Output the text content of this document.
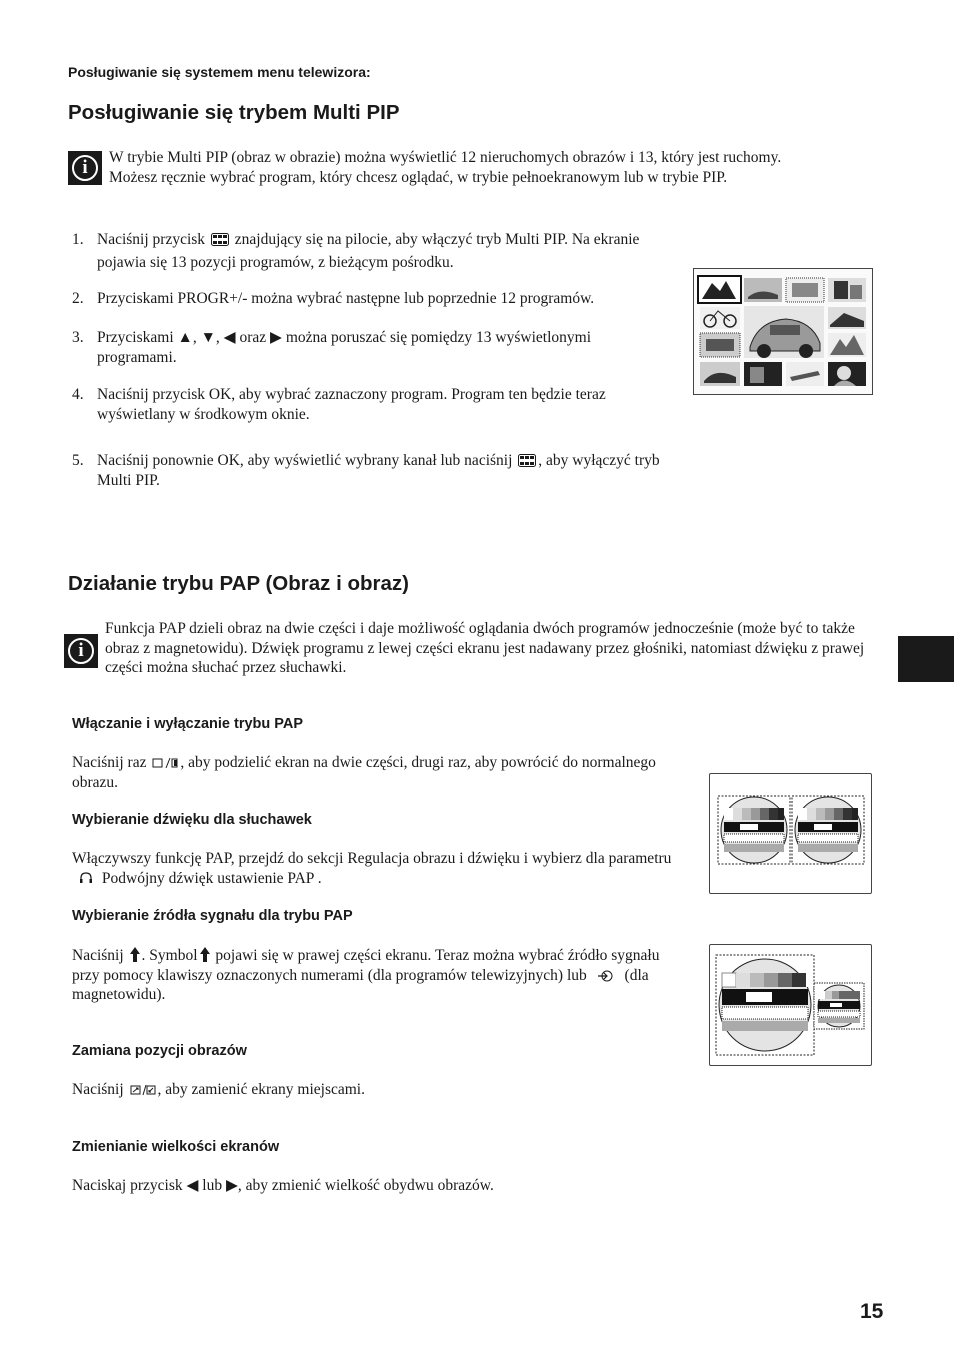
Posługiwanie się systemem menu telewizora:
Posługiwanie się trybem Multi PIP
i	W trybie Multi PIP (obraz w obrazie) można wyświetlić 12 nieruchomych obrazów i 13, który jest ruchomy.
Możesz ręcznie wybrać program, który chcesz oglądać, w trybie pełnoekranowym lub w trybie PIP.
1. Naciśnij przycisk znajdujący się na pilocie, aby włączyć tryb Multi PIP. Na ekranie pojawia się 13 pozycji programów, z bieżącym pośrodku.
2. Przyciskami PROGR+/- można wybrać następne lub poprzednie 12 programów.
3. Przyciskami ▲, ▼, ◀ oraz ▶ można poruszać się pomiędzy 13 wyświetlonymi programami.
4. Naciśnij przycisk OK, aby wybrać zaznaczony program. Program ten będzie teraz wyświetlany w środkowym oknie.
5. Naciśnij ponownie OK, aby wyświetlić wybrany kanał lub naciśnij , aby wyłączyć tryb Multi PIP.
Działanie trybu PAP (Obraz i obraz)
i
Funkcja PAP dzieli obraz na dwie części i daje możliwość oglądania dwóch programów jednocześnie (może być to także obraz z magnetowidu). Dźwięk programu z lewej części ekranu jest nadawany przez głośniki, natomiast dźwięku z prawej części można słuchać przez słuchawki.
Włączanie i wyłączanie trybu PAP
Naciśnij raz , aby podzielić ekran na dwie części, drugi raz, aby powrócić do normalnego obrazu.
Wybieranie dźwięku dla słuchawek
Włączywszy funkcję PAP, przejdź do sekcji Regulacja obrazu i dźwięku i wybierz dla parametru  Podwójny dźwięk ustawienie PAP .
Wybieranie źródła sygnału dla trybu PAP
Naciśnij . Symbol pojawi się w prawej części ekranu. Teraz można wybrać źródło sygnału przy pomocy klawiszy oznaczonych numerami (dla programów telewizyjnych) lub (dla magnetowidu).
Zamiana pozycji obrazów
Naciśnij , aby zamienić ekrany miejscami.
Zmienianie wielkości ekranów
Naciskaj przycisk ◀ lub ▶, aby zmienić wielkość obydwu obrazów.
15
